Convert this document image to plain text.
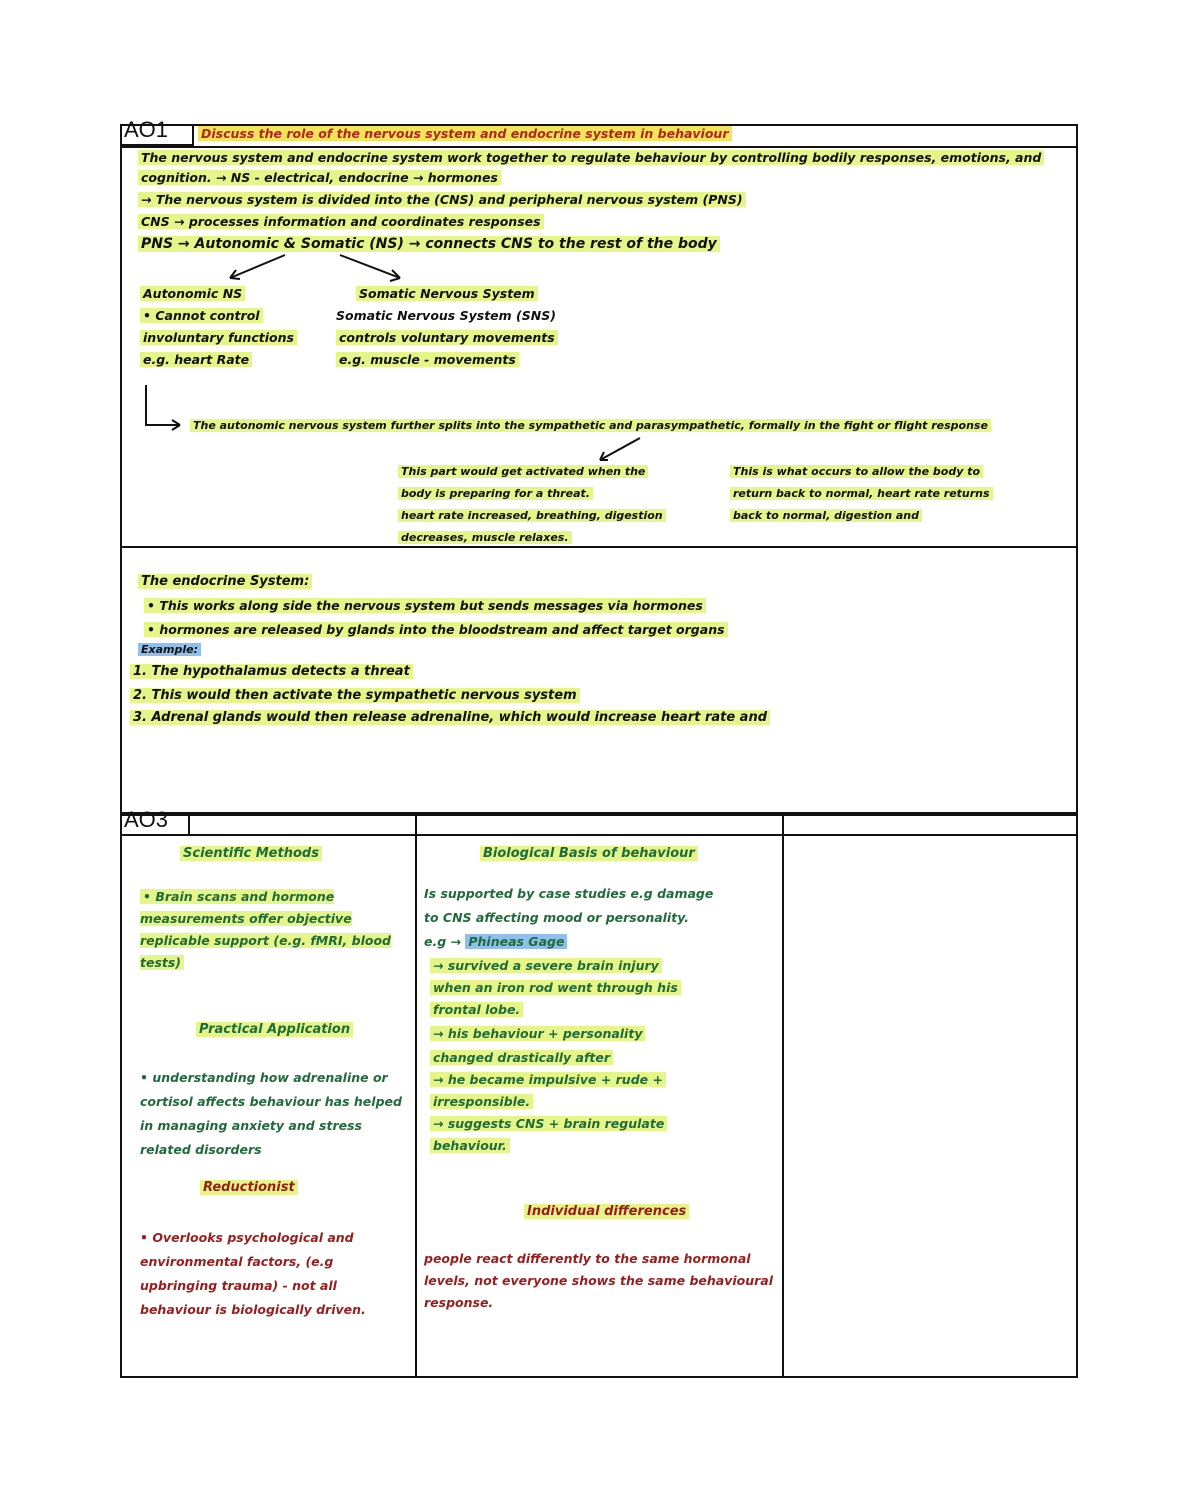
AO1	Discuss the role of the nervous system and endocrine system in behaviour
The nervous system and endocrine system work together to regulate behaviour by controlling bodily responses, emotions, and
cognition. → NS - electrical, endocrine → hormones
→ The nervous system is divided into the (CNS) and peripheral nervous system (PNS)
CNS → processes information and coordinates responses
PNS → Autonomic & Somatic (NS) → connects CNS to the rest of the body
Autonomic NS
• Cannot control
involuntary functions
e.g. heart Rate
Somatic Nervous System
Somatic Nervous System (SNS)
controls voluntary movements
e.g. muscle - movements
The autonomic nervous system further splits into the sympathetic and parasympathetic, formally in the fight or flight response
This part would get activated when the
body is preparing for a threat.
heart rate increased, breathing, digestion
decreases, muscle relaxes.
This is what occurs to allow the body to
return back to normal, heart rate returns
back to normal, digestion and
The endocrine System:
• This works along side the nervous system but sends messages via hormones
• hormones are released by glands into the bloodstream and affect target organs
Example:
1. The hypothalamus detects a threat
2. This would then activate the sympathetic nervous system
3. Adrenal glands would then release adrenaline, which would increase heart rate and
AO3
Scientific Methods
• Brain scans and hormone measurements offer objective replicable support (e.g. fMRI, blood tests)
Practical Application
• understanding how adrenaline or cortisol affects behaviour has helped in managing anxiety and stress related disorders
Reductionist
• Overlooks psychological and environmental factors, (e.g upbringing trauma) - not all behaviour is biologically driven.
Biological Basis of behaviour
Is supported by case studies e.g damage
to CNS affecting mood or personality.
e.g → Phineas Gage
→ survived a severe brain injury
when an iron rod went through his
frontal lobe.
→ his behaviour + personality
changed drastically after
→ he became impulsive + rude +
irresponsible.
→ suggests CNS + brain regulate
behaviour.
Individual differences
people react differently to the same hormonal levels, not everyone shows the same behavioural response.
